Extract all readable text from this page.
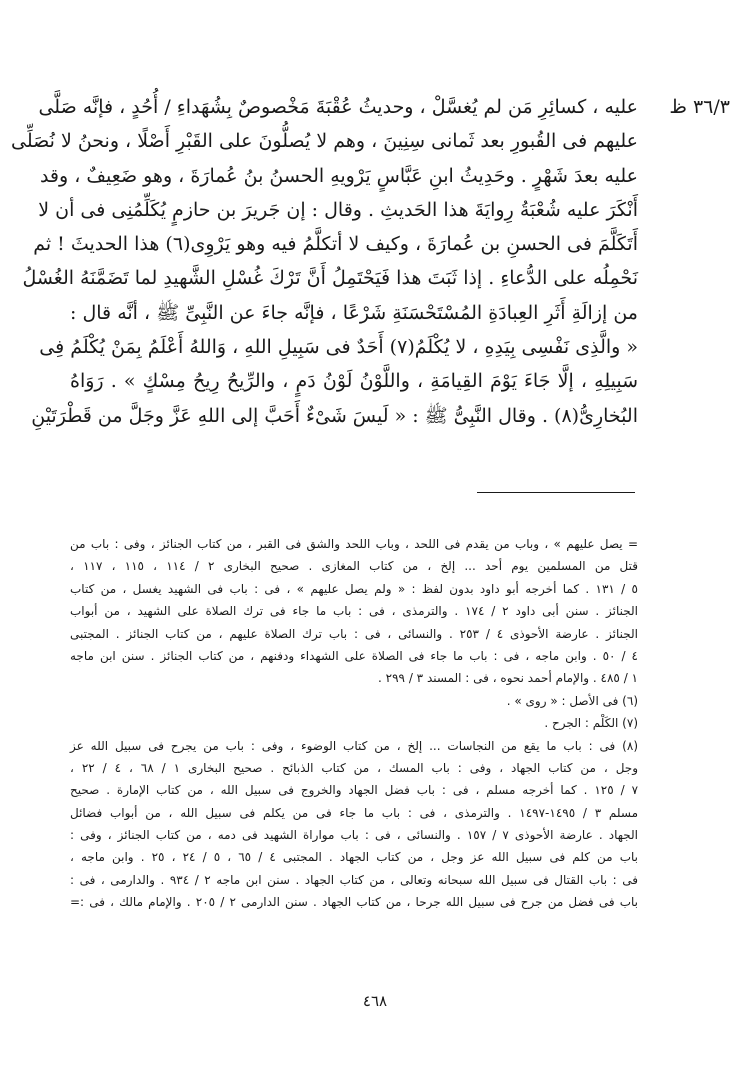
٣٦/٣ ظ
عليه ، كسائِرِ مَن لم يُغسَّلْ ، وحديثُ عُقْبَةَ مَخْصوصٌ بِشُهَداءِ / أُحُدٍ ، فإنَّه صَلَّى
عليهم فى القُبورِ بعد ثَمانى سِنِينَ ، وهم لا يُصلُّونَ على القَبْرِ أَصْلًا ، ونحنُ لا نُصَلِّى
عليه بعدَ شَهْرٍ . وحَدِيثُ ابنِ عَبَّاسٍ يَرْويهِ الحسنُ بنُ عُمارَةَ ، وهو ضَعِيفٌ ، وقد
أَنْكَرَ عليه شُعْبَةُ رِوايَةَ هذا الحَديثِ . وقال : إن جَريرَ بن حازمٍ يُكَلِّمُنِى فى أن لا
أَتَكَلَّمَ فى الحسنِ بن عُمارَةَ ، وكيف لا أتكلَّمُ فيه وهو يَرْوِى(٦) هذا الحديثَ ! ثم
نَحْمِلُه على الدُّعاءِ . إذا ثَبَتَ هذا فَيَحْتَمِلُ أَنَّ تَرْكَ غُسْلِ الشَّهيدِ لما تَضَمَّنَهُ الغُسْلُ
من إزالَةِ أَثَرِ العِبادَةِ المُسْتَحْسَنَةِ شَرْعًا ، فإنَّه جاءَ عن النَّبِىِّ ﷺ ، أنَّه قال :
« والَّذِى نَفْسِى بِيَدِهِ ، لا يُكْلَمُ(٧) أَحَدٌ فى سَبِيلِ اللهِ ، وَاللهُ أَعْلَمُ بِمَنْ يُكْلَمُ فِى
سَبِيلِهِ ، إلَّا جَاءَ يَوْمَ القِيامَةِ ، واللَّوْنُ لَوْنُ دَمٍ ، والرِّيحُ رِيحُ مِسْكٍ » . رَوَاهُ
البُخارِىُّ(٨) . وقال النَّبِىُّ ﷺ : « لَيسَ شَىْءٌ أَحَبَّ إلى اللهِ عَزَّ وجَلَّ من قَطْرَتَيْنِ
= يصل عليهم » ، وباب من يقدم فى اللحد ، وباب اللحد والشق فى القبر ، من كتاب الجنائز ، وفى : باب من
قتل من المسلمين يوم أحد ... إلخ ، من كتاب المغازى . صحيح البخارى ٢ / ١١٤ ، ١١٥ ، ١١٧ ،
٥ / ١٣١ . كما أخرجه أبو داود بدون لفظ : « ولم يصل عليهم » ، فى : باب فى الشهيد يغسل ، من كتاب
الجنائز . سنن أبى داود ٢ / ١٧٤ . والترمذى ، فى : باب ما جاء فى ترك الصلاة على الشهيد ، من أبواب
الجنائز . عارضة الأحوذى ٤ / ٢٥٣ . والنسائى ، فى : باب ترك الصلاة عليهم ، من كتاب الجنائز . المجتبى
٤ / ٥٠ . وابن ماجه ، فى : باب ما جاء فى الصلاة على الشهداء ودفنهم ، من كتاب الجنائز . سنن ابن ماجه
١ / ٤٨٥ . والإمام أحمد نحوه ، فى : المسند ٣ / ٢٩٩ .
(٦) فى الأصل : « روى » .
(٧) الكَلْم : الجرح .
(٨) فى : باب ما يقع من النجاسات ... إلخ ، من كتاب الوضوء ، وفى : باب من يجرح فى سبيل الله عز
وجل ، من كتاب الجهاد ، وفى : باب المسك ، من كتاب الذبائح . صحيح البخارى ١ / ٦٨ ، ٤ / ٢٢ ،
٧ / ١٢٥ . كما أخرجه مسلم ، فى : باب فضل الجهاد والخروج فى سبيل الله ، من كتاب الإمارة . صحيح
مسلم ٣ / ١٤٩٥-١٤٩٧ . والترمذى ، فى : باب ما جاء فى من يكلم فى سبيل الله ، من أبواب فضائل
الجهاد . عارضة الأحوذى ٧ / ١٥٧ . والنسائى ، فى : باب مواراة الشهيد فى دمه ، من كتاب الجنائز ، وفى :
باب من كلم فى سبيل الله عز وجل ، من كتاب الجهاد . المجتبى ٤ / ٦٥ ، ٥ / ٢٤ ، ٢٥ . وابن ماجه ،
فى : باب القتال فى سبيل الله سبحانه وتعالى ، من كتاب الجهاد . سنن ابن ماجه ٢ / ٩٣٤ . والدارمى ، فى :
باب فى فضل من جرح فى سبيل الله جرحا ، من كتاب الجهاد . سنن الدارمى ٢ / ٢٠٥ . والإمام مالك ، فى :=
٤٦٨
